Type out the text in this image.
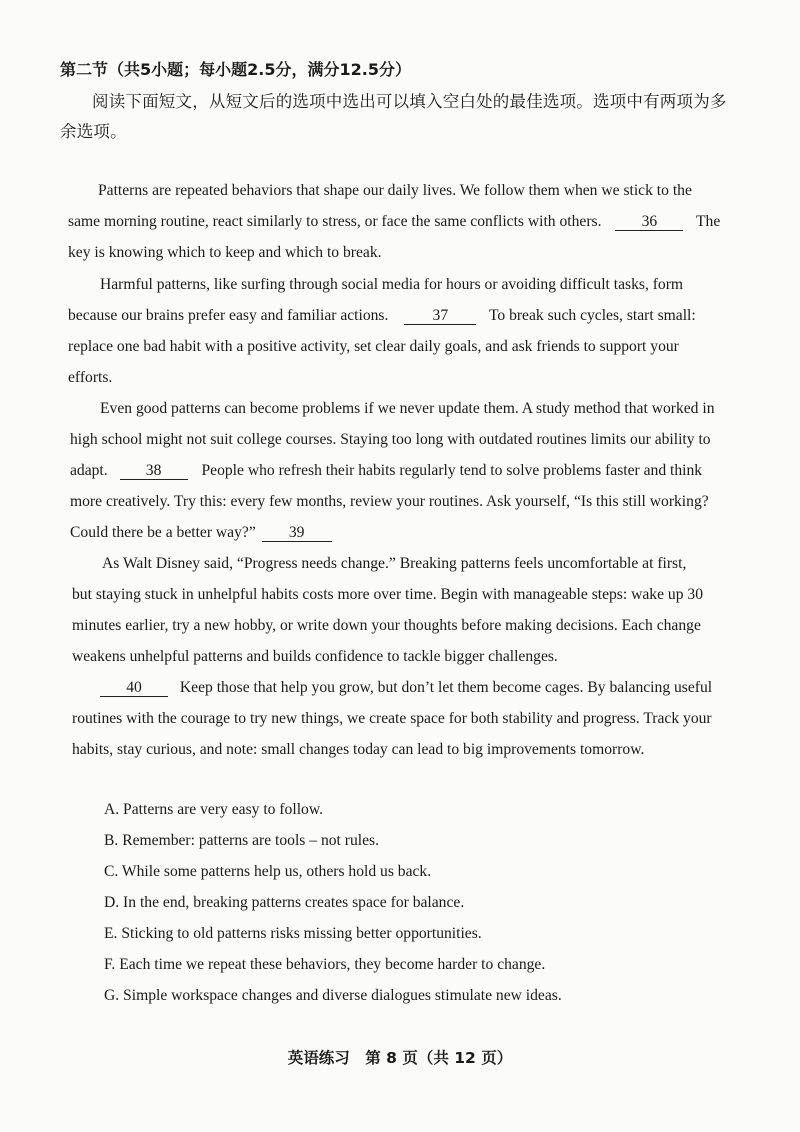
第二节（共5小题；每小题2.5分，满分12.5分）
阅读下面短文，从短文后的选项中选出可以填入空白处的最佳选项。选项中有两项为多
余选项。
Patterns are repeated behaviors that shape our daily lives. We follow them when we stick to the
same morning routine, react similarly to stress, or face the same conflicts with others.	36 The
key is knowing which to keep and which to break.
Harmful patterns, like surfing through social media for hours or avoiding difficult tasks, form
because our brains prefer easy and familiar actions.	37	To break such cycles, start small:
replace one bad habit with a positive activity, set clear daily goals, and ask friends to support your
efforts.
Even good patterns can become problems if we never update them. A study method that worked in
high school might not suit college courses. Staying too long with outdated routines limits our ability to
adapt. 38	People who refresh their habits regularly tend to solve problems faster and think
more creatively. Try this: every few months, review your routines. Ask yourself, “Is this still working?
Could there be a better way?” 39
As Walt Disney said, “Progress needs change.” Breaking patterns feels uncomfortable at first,
but staying stuck in unhelpful habits costs more over time. Begin with manageable steps: wake up 30
minutes earlier, try a new hobby, or write down your thoughts before making decisions. Each change
weakens unhelpful patterns and builds confidence to tackle bigger challenges.
40 Keep those that help you grow, but don’t let them become cages. By balancing useful
routines with the courage to try new things, we create space for both stability and progress. Track your
habits, stay curious, and note: small changes today can lead to big improvements tomorrow.
A. Patterns are very easy to follow.
B. Remember: patterns are tools – not rules.
C. While some patterns help us, others hold us back.
D. In the end, breaking patterns creates space for balance.
E. Sticking to old patterns risks missing better opportunities.
F. Each time we repeat these behaviors, they become harder to change.
G. Simple workspace changes and diverse dialogues stimulate new ideas.
英语练习　第 8 页（共 12 页）
